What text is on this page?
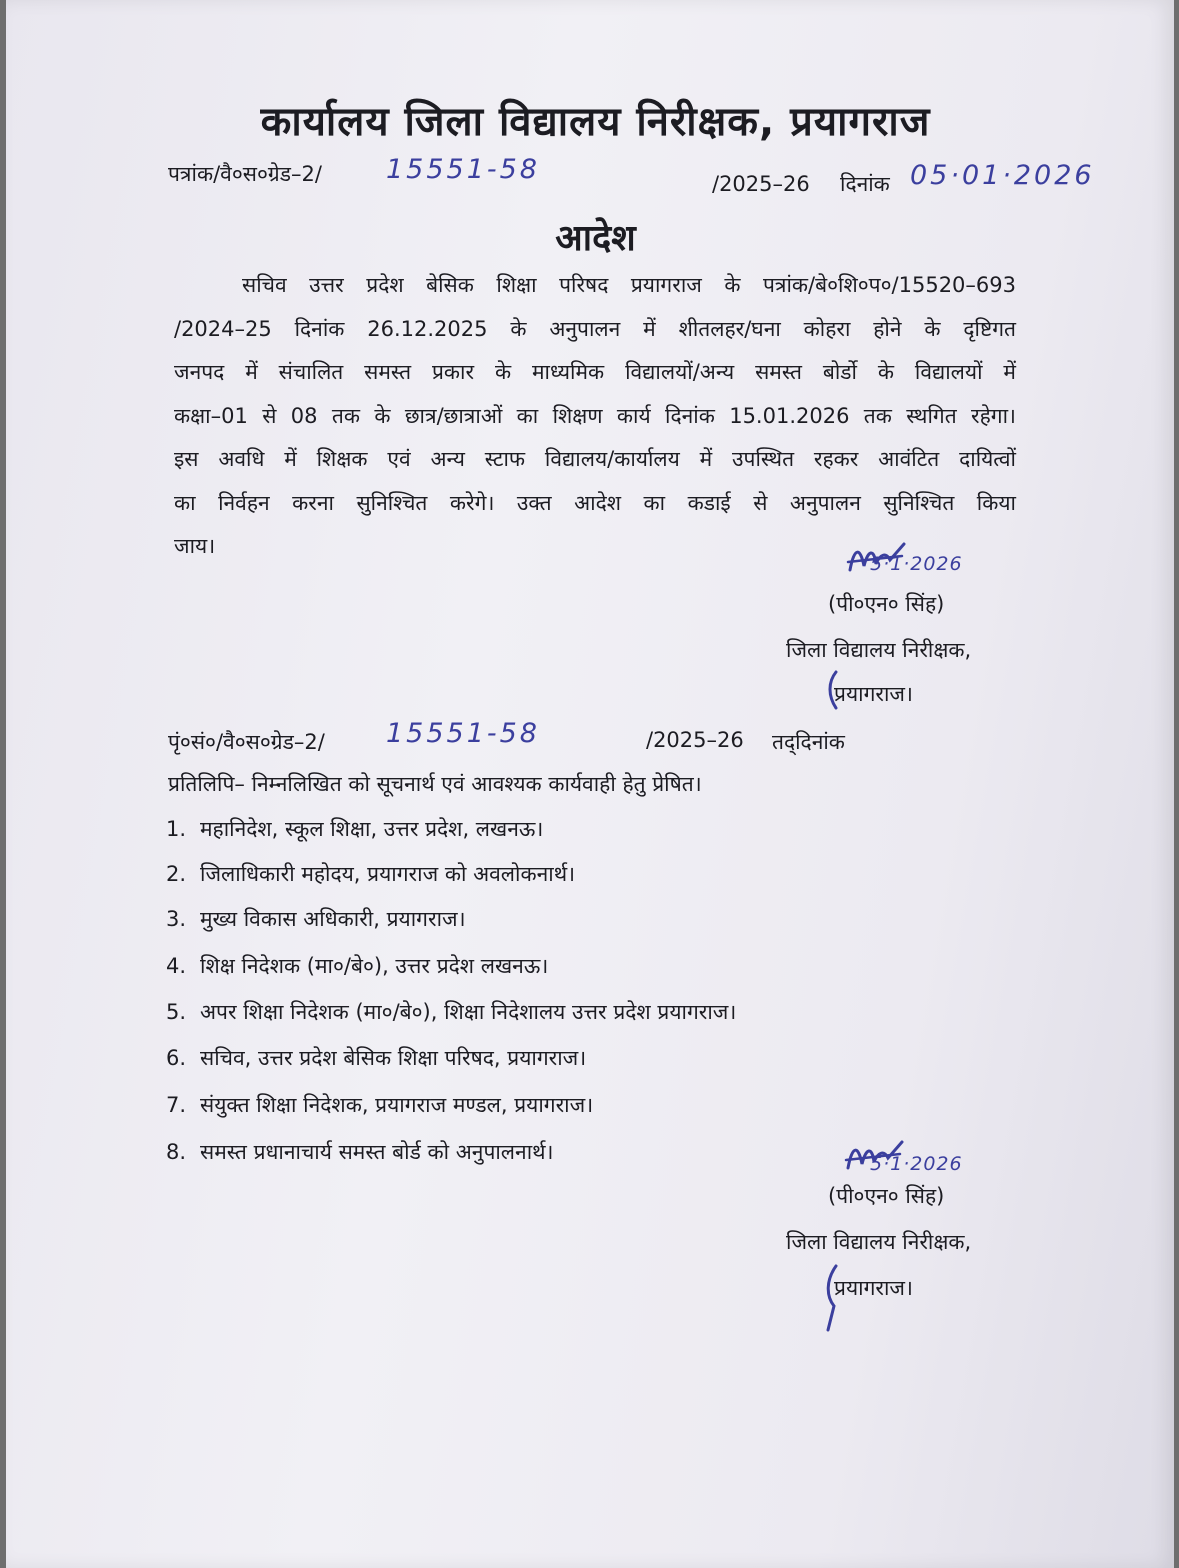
कार्यालय जिला विद्यालय निरीक्षक, प्रयागराज
पत्रांक/वै०स०ग्रेड–2/ 15551-58	/2025–26 दिनांक 05·01·2026
आदेश
सचिव उत्तर प्रदेश बेसिक शिक्षा परिषद प्रयागराज के पत्रांक/बे०शि०प०/15520–693
/2024–25 दिनांक 26.12.2025 के अनुपालन में शीतलहर/घना कोहरा होने के दृष्टिगत
जनपद में संचालित समस्त प्रकार के माध्यमिक विद्यालयों/अन्य समस्त बोर्डो के विद्यालयों में
कक्षा–01 से 08 तक के छात्र/छात्राओं का शिक्षण कार्य दिनांक 15.01.2026 तक स्थगित रहेगा।
इस अवधि में शिक्षक एवं अन्य स्टाफ विद्यालय/कार्यालय में उपस्थित रहकर आवंटित दायित्वों
का निर्वहन करना सुनिश्चित करेगे। उक्त आदेश का कडाई से अनुपालन सुनिश्चित किया
जाय।
5·1·2026
(पी०एन० सिंह)
जिला विद्यालय निरीक्षक,
प्रयागराज।
पृं०सं०/वै०स०ग्रेड–2/ 15551-58	/2025–26 तद्‌दिनांक
प्रतिलिपि– निम्नलिखित को सूचनार्थ एवं आवश्यक कार्यवाही हेतु प्रेषित।
1. महानिदेश, स्कूल शिक्षा, उत्तर प्रदेश, लखनऊ।
2. जिलाधिकारी महोदय, प्रयागराज को अवलोकनार्थ।
3. मुख्य विकास अधिकारी, प्रयागराज।
4. शिक्ष निदेशक (मा०/बे०), उत्तर प्रदेश लखनऊ।
5. अपर शिक्षा निदेशक (मा०/बे०), शिक्षा निदेशालय उत्तर प्रदेश प्रयागराज।
6. सचिव, उत्तर प्रदेश बेसिक शिक्षा परिषद, प्रयागराज।
7. संयुक्त शिक्षा निदेशक, प्रयागराज मण्डल, प्रयागराज।
8. समस्त प्रधानाचार्य समस्त बोर्ड को अनुपालनार्थ।	5·1·2026
(पी०एन० सिंह)
जिला विद्यालय निरीक्षक,
प्रयागराज।
